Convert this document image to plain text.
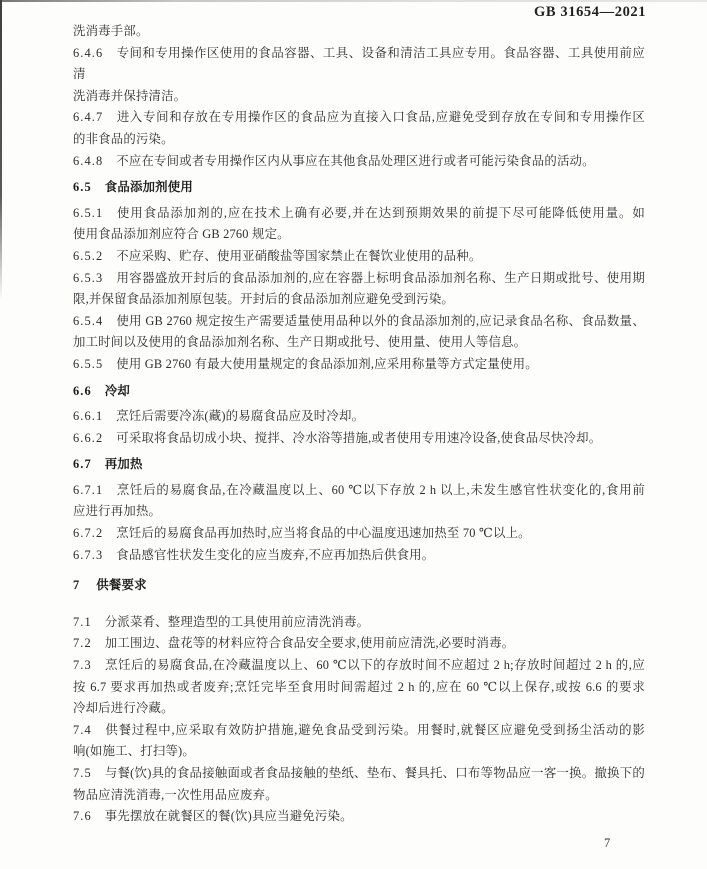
GB 31654—2021
洗消毒手部。
6.4.6 专间和专用操作区使用的食品容器、工具、设备和清洁工具应专用。食品容器、工具使用前应清
洗消毒并保持清洁。
6.4.7 进入专间和存放在专用操作区的食品应为直接入口食品,应避免受到存放在专间和专用操作区
的非食品的污染。
6.4.8 不应在专间或者专用操作区内从事应在其他食品处理区进行或者可能污染食品的活动。
6.5 食品添加剂使用
6.5.1 使用食品添加剂的,应在技术上确有必要,并在达到预期效果的前提下尽可能降低使用量。如
使用食品添加剂应符合 GB 2760 规定。
6.5.2 不应采购、贮存、使用亚硝酸盐等国家禁止在餐饮业使用的品种。
6.5.3 用容器盛放开封后的食品添加剂的,应在容器上标明食品添加剂名称、生产日期或批号、使用期
限,并保留食品添加剂原包装。开封后的食品添加剂应避免受到污染。
6.5.4 使用 GB 2760 规定按生产需要适量使用品种以外的食品添加剂的,应记录食品名称、食品数量、
加工时间以及使用的食品添加剂名称、生产日期或批号、使用量、使用人等信息。
6.5.5 使用 GB 2760 有最大使用量规定的食品添加剂,应采用称量等方式定量使用。
6.6 冷却
6.6.1 烹饪后需要冷冻(藏)的易腐食品应及时冷却。
6.6.2 可采取将食品切成小块、搅拌、冷水浴等措施,或者使用专用速冷设备,使食品尽快冷却。
6.7 再加热
6.7.1 烹饪后的易腐食品,在冷藏温度以上、60 ℃以下存放 2 h 以上,未发生感官性状变化的,食用前
应进行再加热。
6.7.2 烹饪后的易腐食品再加热时,应当将食品的中心温度迅速加热至 70 ℃以上。
6.7.3 食品感官性状发生变化的应当废弃,不应再加热后供食用。
7 供餐要求
7.1 分派菜肴、整理造型的工具使用前应清洗消毒。
7.2 加工围边、盘花等的材料应符合食品安全要求,使用前应清洗,必要时消毒。
7.3 烹饪后的易腐食品,在冷藏温度以上、60 ℃以下的存放时间不应超过 2 h;存放时间超过 2 h 的,应
按 6.7 要求再加热或者废弃;烹饪完毕至食用时间需超过 2 h 的,应在 60 ℃以上保存,或按 6.6 的要求
冷却后进行冷藏。
7.4 供餐过程中,应采取有效防护措施,避免食品受到污染。用餐时,就餐区应避免受到扬尘活动的影
响(如施工、打扫等)。
7.5 与餐(饮)具的食品接触面或者食品接触的垫纸、垫布、餐具托、口布等物品应一客一换。撤换下的
物品应清洗消毒,一次性用品应废弃。
7.6 事先摆放在就餐区的餐(饮)具应当避免污染。
7
